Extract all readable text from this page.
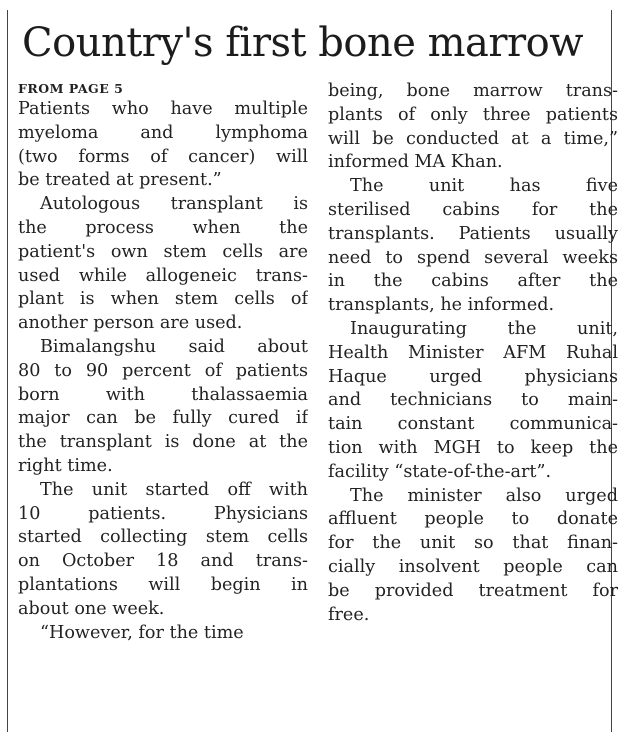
Country's first bone marrow
FROM PAGE 5

Patients who have multiple
myeloma and lymphoma
(two forms of cancer) will
be treated at present.”

Autologous transplant is
the process when the
patient's own stem cells are
used while allogeneic trans-
plant is when stem cells of
another person are used.

Bimalangshu said about
80 to 90 percent of patients
born with thalassaemia
major can be fully cured if
the transplant is done at the
right time.

The unit started off with
10 patients. Physicians
started collecting stem cells
on October 18 and trans-
plantations will begin in
about one week.

“However, for the time

being, bone marrow trans-
plants of only three patients
will be conducted at a time,”
informed MA Khan.

The unit has five
sterilised cabins for the
transplants. Patients usually
need to spend several weeks
in the cabins after the
transplants, he informed.

Inaugurating the unit,
Health Minister AFM Ruhal
Haque urged physicians
and technicians to main-
tain constant communica-
tion with MGH to keep the
facility “state-of-the-art”.

The minister also urged
affluent people to donate
for the unit so that finan-
cially insolvent people can
be provided treatment for
free.
